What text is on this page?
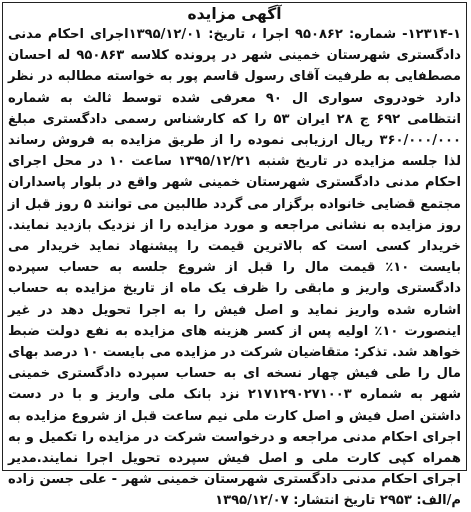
آگهی مزایده

۱۲۳۱۴-۱- شماره: ۹۵۰۸۶۲ اجرا ، تاریخ: ۱۳۹۵/۱۲/۰۱اجرای احکام مدنی دادگستری شهرستان خمینی شهر در پرونده کلاسه ۹۵۰۸۶۳ له احسان مصطفایی به طرفیت آقای رسول قاسم پور به خواسته مطالبه در نظر دارد خودروی سواری ال ۹۰ معرفی شده توسط ثالث به شماره انتظامی ۶۹۲ ج ۲۸ ایران ۵۳ را که کارشناس رسمی دادگستری مبلغ ۳۶۰/۰۰۰/۰۰۰ ریال ارزیابی نموده را از طریق مزایده به فروش رساند لذا جلسه مزایده در تاریخ شنبه ۱۳۹۵/۱۲/۲۱ ساعت ۱۰ در محل اجرای احکام مدنی دادگستری شهرستان خمینی شهر واقع در بلوار پاسداران مجتمع قضایی خانواده برگزار می گردد طالبین می توانند ۵ روز قبل از روز مزایده به نشانی مراجعه و مورد مزایده را از نزدیک بازدید نمایند. خریدار کسی است که بالاترین قیمت را پیشنهاد نماید خریدار می بایست ۱۰٪ قیمت مال را قبل از شروع جلسه به حساب سپرده دادگستری واریز و مابقی را ظرف یک ماه از تاریخ مزایده به حساب اشاره شده واریز نماید و اصل فیش را به اجرا تحویل دهد در غیر اینصورت ۱۰٪ اولیه پس از کسر هزینه های مزایده به نفع دولت ضبط خواهد شد. تذکر: متقاضیان شرکت در مزایده می بایست ۱۰ درصد بهای مال را طی فیش چهار نسخه ای به حساب سپرده دادگستری خمینی شهر به شماره ۲۱۷۱۲۹۰۲۷۱۰۰۳ نزد بانک ملی واریز و با در دست داشتن اصل فیش و اصل کارت ملی نیم ساعت قبل از شروع مزایده به اجرای احکام مدنی مراجعه و درخواست شرکت در مزایده را تکمیل و به همراه کپی کارت ملی و اصل فیش سپرده تحویل اجرا نمایند.مدیر اجرای احکام مدنی دادگستری شهرستان خمینی شهر - علی جسن زاده م/الف: ۲۹۵۳ تاریخ انتشار: ۱۳۹۵/۱۲/۰۷
